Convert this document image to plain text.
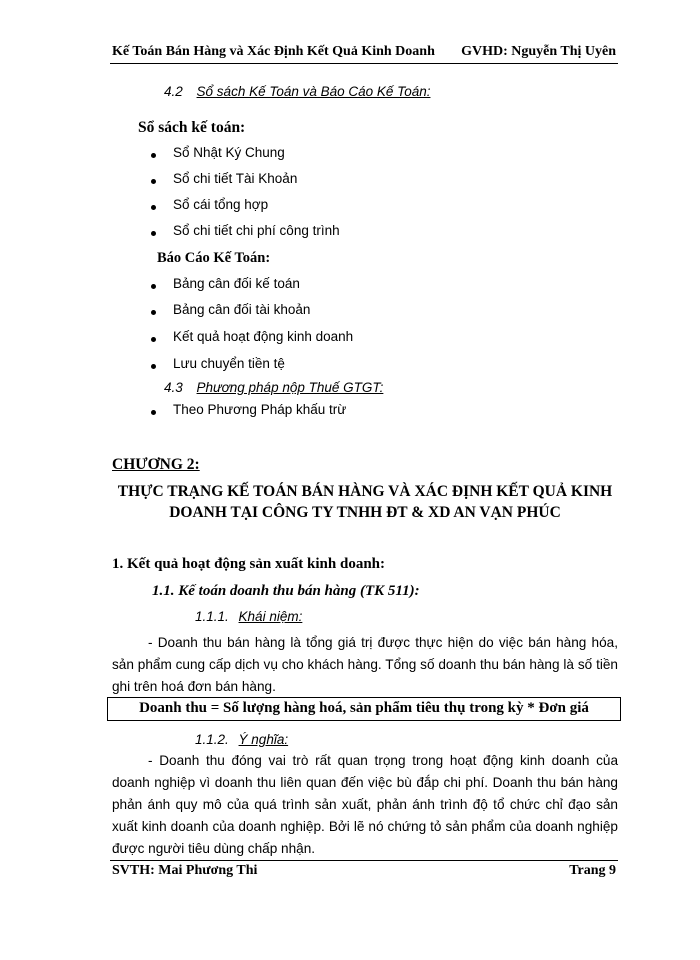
Kế Toán Bán Hàng và Xác Định Kết Quả Kinh Doanh GVHD: Nguyễn Thị Uyên
4.2 Sổ sách Kế Toán và Báo Cáo Kế Toán:
Sổ sách kế toán:
Sổ Nhật Ký Chung
Sổ chi tiết Tài Khoản
Sổ cái tổng hợp
Sổ chi tiết chi phí công trình
Báo Cáo Kế Toán:
Bảng cân đối kế toán
Bảng cân đối tài khoản
Kết quả hoạt động kinh doanh
Lưu chuyển tiền tệ
4.3 Phương pháp nộp Thuế GTGT:
Theo Phương Pháp khấu trừ
CHƯƠNG 2:
THỰC TRẠNG KẾ TOÁN BÁN HÀNG VÀ XÁC ĐỊNH KẾT QUẢ KINH
DOANH TẠI CÔNG TY TNHH ĐT & XD AN VẠN PHÚC
1. Kết quả hoạt động sản xuất kinh doanh:
1.1. Kế toán doanh thu bán hàng (TK 511):
1.1.1. Khái niệm:

- Doanh thu bán hàng là tổng giá trị được thực hiện do việc bán hàng hóa, sản phẩm cung cấp dịch vụ cho khách hàng. Tổng số doanh thu bán hàng là số tiền ghi trên hoá đơn bán hàng.

Doanh thu = Số lượng hàng hoá, sản phẩm tiêu thụ trong kỳ * Đơn giá
1.1.2. Ý nghĩa:

- Doanh thu đóng vai trò rất quan trọng trong hoạt động kinh doanh của doanh nghiệp vì doanh thu liên quan đến việc bù đắp chi phí. Doanh thu bán hàng phản ánh quy mô của quá trình sản xuất, phản ánh trình độ tổ chức chỉ đạo sản xuất kinh doanh của doanh nghiệp. Bởi lẽ nó chứng tỏ sản phẩm của doanh nghiệp được người tiêu dùng chấp nhận.

SVTH: Mai Phương Thi	Trang 9
